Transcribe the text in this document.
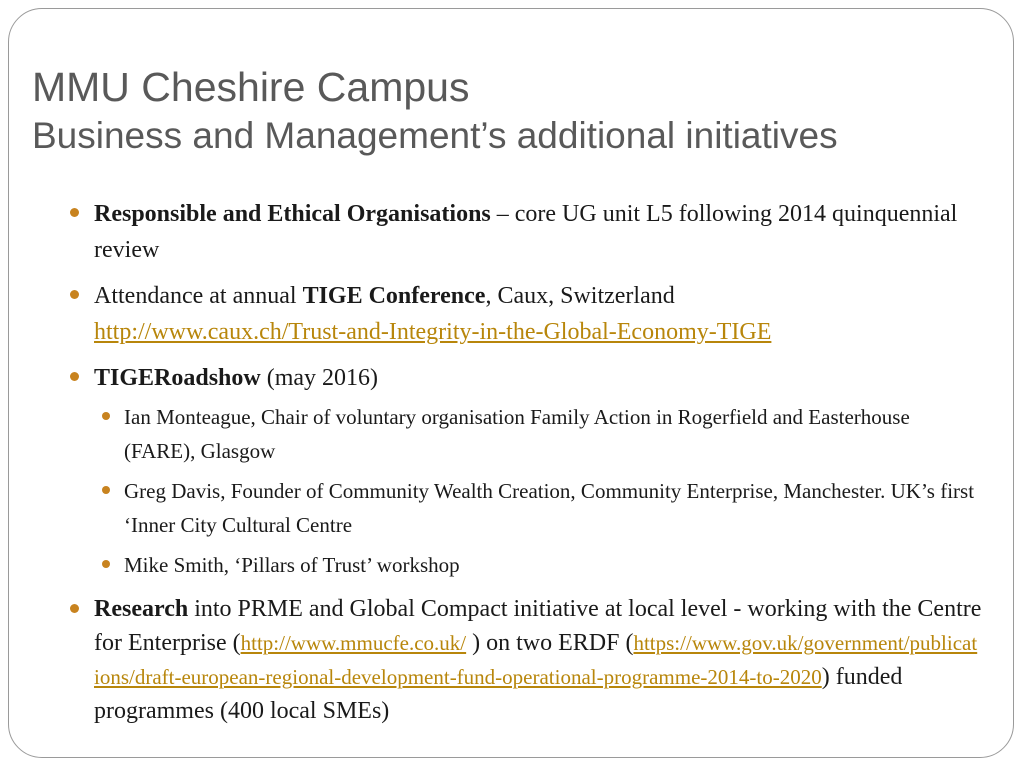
MMU Cheshire Campus
Business and Management’s additional initiatives
Responsible and Ethical Organisations – core UG unit L5 following 2014 quinquennial review
Attendance at annual TIGE Conference, Caux, Switzerland
http://www.caux.ch/Trust-and-Integrity-in-the-Global-Economy-TIGE
TIGERoadshow (may 2016)
Ian Monteague, Chair of voluntary organisation Family Action in Rogerfield and Easterhouse (FARE), Glasgow
Greg Davis, Founder of Community Wealth Creation, Community Enterprise, Manchester. UK’s first ‘Inner City Cultural Centre
Mike Smith, ‘Pillars of Trust’ workshop
Research into PRME and Global Compact initiative at local level - working with the Centre for Enterprise (http://www.mmucfe.co.uk/ ) on two ERDF (https://www.gov.uk/government/publications/draft-european-regional-development-fund-operational-programme-2014-to-2020) funded programmes (400 local SMEs)
